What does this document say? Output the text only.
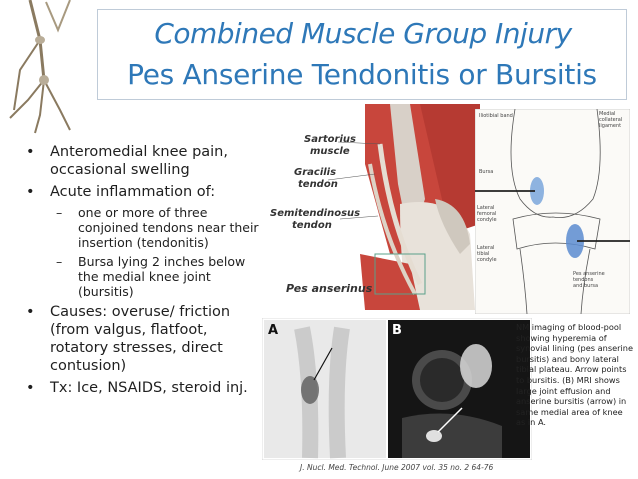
Combined Muscle Group Injury
Pes Anserine Tendonitis or Bursitis
•	Anteromedial knee pain, occasional swelling
•	Acute inflammation of:
–	one or more of three conjoined tendons near their insertion (tendonitis)
–	Bursa lying 2 inches below the medial knee joint (bursitis)
•	Causes: overuse/ friction (from valgus, flatfoot, rotatory stresses, direct contusion)
•	Tx: Ice, NSAIDS, steroid inj.
Sartorius
muscle
Gracilis
tendon
Semitendinosus
tendon
Pes anserinus
Iliotibial band	Medial
collateral
ligament
Bursa
Lateral
femoral
condyle
Lateral
tibial
condyle
Pes anserine
tendons
and bursa
A	B	NM imaging of blood-pool showing hyperemia of synovial lining (pes anserine bursitis) and bony lateral tibial plateau. Arrow points to bursitis. (B) MRI shows large joint effusion and anserine bursitis (arrow) in same medial area of knee as in A.
J. Nucl. Med. Technol. June 2007 vol. 35 no. 2 64-76
